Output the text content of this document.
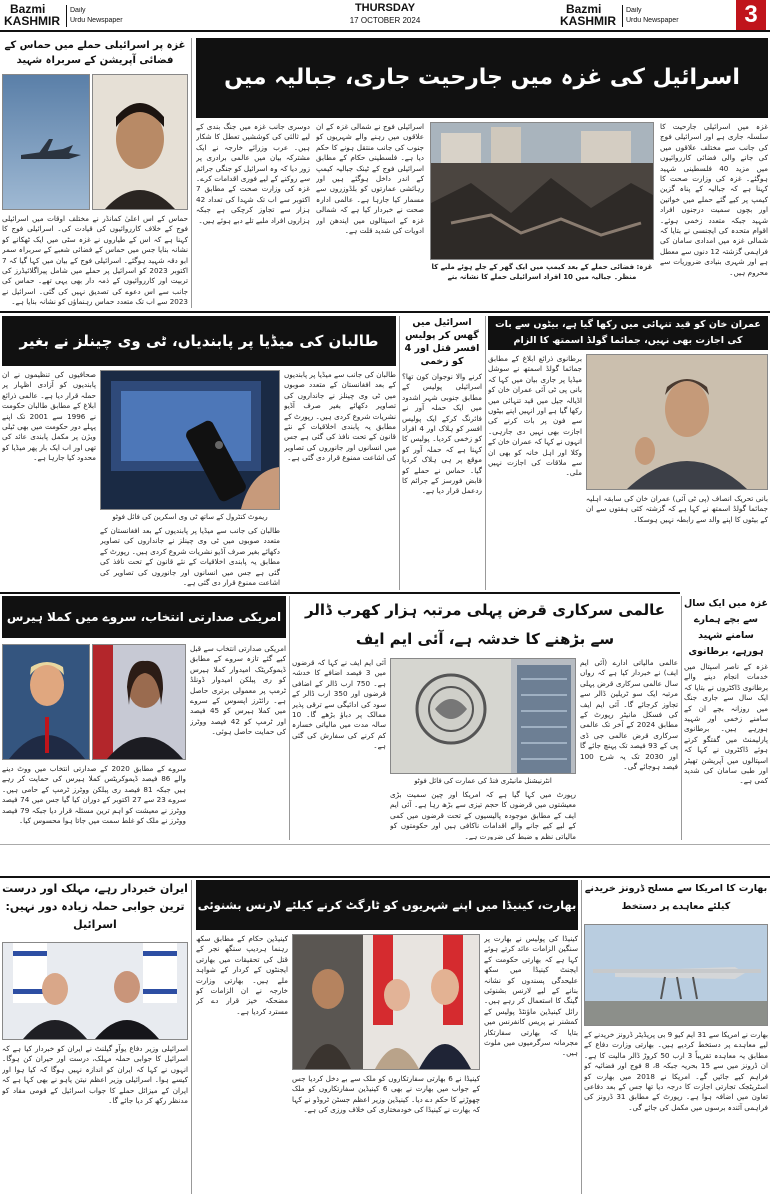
Bazmi
KASHMIR
Daily
Urdu Newspaper
THURSDAY
17 OCTOBER 2024
Bazmi
KASHMIR
Daily
Urdu Newspaper	3
غزہ پر اسرائیلی حملے میں حماس کے فضائی آپریشن کے سربراہ شہید
حماس کے اس اعلیٰ کمانڈر نے مختلف اوقات میں اسرائیلی فوج کے خلاف کارروائیوں کی قیادت کی۔ اسرائیلی فوج کا کہنا ہے کہ اس کے طیاروں نے غزہ سٹی میں ایک ٹھکانے کو نشانہ بنایا جس میں حماس کے فضائی شعبے کے سربراہ سمر ابو دقہ شہید ہوگئے۔ اسرائیلی فوج کے بیان میں کہا گیا کہ 7 اکتوبر 2023 کو اسرائیل پر حملے میں شامل پیراگلائیڈرز کی تربیت اور کارروائیوں کے ذمہ دار بھی یہی تھے۔ حماس کی جانب سے اس دعوے کی تصدیق نہیں کی گئی۔ اسرائیل نے 2023 سے اب تک متعدد حماس رہنماؤں کو نشانہ بنایا ہے۔
اسرائیل کی غزہ میں جارحیت جاری، جبالیہ میں
غزہ میں اسرائیلی جارحیت کا سلسلہ جاری ہے اور اسرائیلی فوج کی جانب سے مختلف علاقوں میں کی جانے والی فضائی کارروائیوں میں مزید 40 فلسطینی شہید ہوگئے۔ غزہ کی وزارت صحت کا کہنا ہے کہ جبالیہ کے پناہ گزین کیمپ پر کیے گئے حملے میں خواتین اور بچوں سمیت درجنوں افراد شہید جبکہ متعدد زخمی ہوئے۔ اقوام متحدہ کی ایجنسی نے بتایا کہ شمالی غزہ میں امدادی سامان کی فراہمی گزشتہ 12 دنوں سے معطل ہے اور شہری بنیادی ضروریات سے محروم ہیں۔
غزہ: فضائی حملے کے بعد کیمپ میں ایک گھر کے جلے ہوئے ملبے کا منظر۔ جبالیہ میں 10 افراد اسرائیلی حملے کا نشانہ بنے
اسرائیلی فوج نے شمالی غزہ کے ان علاقوں میں رہنے والے شہریوں کو جنوب کی جانب منتقل ہونے کا حکم دیا ہے۔ فلسطینی حکام کے مطابق اسرائیلی فوج کے ٹینک جبالیہ کیمپ کے اندر داخل ہوگئے ہیں اور رہائشی عمارتوں کو بلڈوزروں سے مسمار کیا جارہا ہے۔ عالمی ادارہ صحت نے خبردار کیا ہے کہ شمالی غزہ کے اسپتالوں میں ایندھن اور ادویات کی شدید قلت ہے۔
دوسری جانب غزہ میں جنگ بندی کے لیے ثالثی کی کوششیں تعطل کا شکار ہیں۔ عرب وزرائے خارجہ نے ایک مشترکہ بیان میں عالمی برادری پر زور دیا کہ وہ اسرائیل کو جنگی جرائم سے روکنے کے لیے فوری اقدامات کرے۔ غزہ کی وزارت صحت کے مطابق 7 اکتوبر سے اب تک شہدا کی تعداد 42 ہزار سے تجاوز کرچکی ہے جبکہ ہزاروں افراد ملبے تلے دبے ہوئے ہیں۔
طالبان کی میڈیا پر پابندیاں، ٹی وی چینلز نے بغیر
ریموٹ کنٹرول کے ساتھ ٹی وی اسکرین کی فائل فوٹو
طالبان کی جانب سے میڈیا پر پابندیوں کے بعد افغانستان کے متعدد صوبوں میں ٹی وی چینلز نے جانداروں کی تصاویر دکھائے بغیر صرف آڈیو نشریات شروع کردی ہیں۔ رپورٹ کے مطابق یہ پابندی اخلاقیات کے نئے قانون کے تحت نافذ کی گئی ہے جس میں انسانوں اور جانوروں کی تصاویر کی اشاعت ممنوع قرار دی گئی ہے۔
صحافیوں کی تنظیموں نے ان پابندیوں کو آزادی اظہار پر حملہ قرار دیا ہے۔ عالمی ذرائع ابلاغ کے مطابق طالبان حکومت نے 1996 سے 2001 تک اپنے پہلے دور حکومت میں بھی ٹیلی ویژن پر مکمل پابندی عائد کی تھی اور اب ایک بار پھر میڈیا کو محدود کیا جارہا ہے۔
طالبان کی جانب سے میڈیا پر پابندیوں کے بعد افغانستان کے متعدد صوبوں میں ٹی وی چینلز نے جانداروں کی تصاویر دکھائے بغیر صرف آڈیو نشریات شروع کردی ہیں۔ رپورٹ کے مطابق یہ پابندی اخلاقیات کے نئے قانون کے تحت نافذ کی گئی ہے جس میں انسانوں اور جانوروں کی تصاویر کی اشاعت ممنوع قرار دی گئی ہے۔
اسرائیل میں گھس کر پولیس افسر قتل اور 4 کو زخمی
کرنے والا نوجوان کون تھا؟ اسرائیلی پولیس کے مطابق جنوبی شہر اشدود میں ایک حملہ آور نے فائرنگ کرکے ایک پولیس افسر کو ہلاک اور 4 افراد کو زخمی کردیا۔ پولیس کا کہنا ہے کہ حملہ آور کو موقع پر ہی ہلاک کردیا گیا۔ حماس نے حملے کو قابض فورسز کے جرائم کا ردعمل قرار دیا ہے۔
عمران خان کو قید تنہائی میں رکھا گیا ہے، بیٹوں سے بات کی اجازت بھی نہیں، جمائما گولڈ اسمتھ کا الزام
برطانوی ذرائع ابلاغ کے مطابق جمائما گولڈ اسمتھ نے سوشل میڈیا پر جاری بیان میں کہا کہ بانی پی ٹی آئی عمران خان کو اڈیالہ جیل میں قید تنہائی میں رکھا گیا ہے اور انہیں اپنے بیٹوں سے فون پر بات کرنے کی اجازت بھی نہیں دی جارہی۔ انہوں نے کہا کہ عمران خان کے وکلا اور اہل خانہ کو بھی ان سے ملاقات کی اجازت نہیں ملی۔
بانی تحریک انصاف (پی ٹی آئی) عمران خان کی سابقہ اہلیہ جمائما گولڈ اسمتھ نے کہا ہے کہ گزشتہ کئی ہفتوں سے ان کے بیٹوں کا اپنے والد سے رابطہ نہیں ہوسکا۔
امریکی صدارتی انتخاب، سروے میں کملا ہیرس
امریکی صدارتی انتخاب سے قبل کیے گئے تازہ سروے کے مطابق ڈیموکریٹک امیدوار کملا ہیرس کو ری پبلکن امیدوار ڈونلڈ ٹرمپ پر معمولی برتری حاصل ہے۔ رائٹرز اپسوس کے سروے میں کملا ہیرس کو 45 فیصد اور ٹرمپ کو 42 فیصد ووٹرز کی حمایت حاصل ہوئی۔
سروے کے مطابق 2020 کے صدارتی انتخاب میں ووٹ دینے والے 86 فیصد ڈیموکریٹس کملا ہیرس کی حمایت کر رہے ہیں جبکہ 81 فیصد ری پبلکن ووٹرز ٹرمپ کے حامی ہیں۔ سروے 23 سے 27 اکتوبر کے دوران کیا گیا جس میں 74 فیصد ووٹرز نے معیشت کو اہم ترین مسئلہ قرار دیا جبکہ 79 فیصد ووٹرز نے ملک کو غلط سمت میں جاتا ہوا محسوس کیا۔
عالمی سرکاری قرض پہلی مرتبہ ہزار کھرب ڈالر سے بڑھنے کا خدشہ ہے، آئی ایم ایف
عالمی مالیاتی ادارے (آئی ایم ایف) نے خبردار کیا ہے کہ رواں سال عالمی سرکاری قرض پہلی مرتبہ ایک سو ٹریلین ڈالر سے تجاوز کرجائے گا۔ آئی ایم ایف کی فسکل مانیٹر رپورٹ کے مطابق 2024 کے آخر تک عالمی سرکاری قرض عالمی جی ڈی پی کے 93 فیصد تک پہنچ جائے گا اور 2030 تک یہ شرح 100 فیصد ہوجائے گی۔
انٹرنیشنل مانیٹری فنڈ کی عمارت کی فائل فوٹو
رپورٹ میں کہا گیا ہے کہ امریکا اور چین سمیت بڑی معیشتوں میں قرضوں کا حجم تیزی سے بڑھ رہا ہے۔ آئی ایم ایف کے مطابق موجودہ پالیسیوں کے تحت قرضوں میں کمی کے لیے کیے جانے والے اقدامات ناکافی ہیں اور حکومتوں کو مالیاتی نظم و ضبط کی ضرورت ہے۔
آئی ایم ایف نے کہا کہ قرضوں میں 3 فیصد اضافے کا خدشہ ہے۔ 750 ارب ڈالر کے اضافی قرضوں اور 350 ارب ڈالر کے سود کی ادائیگی سے ترقی پذیر ممالک پر دباؤ بڑھے گا۔ 10 سالہ مدت میں مالیاتی خسارہ کم کرنے کی سفارش کی گئی ہے۔
غزہ میں ایک سال سے بچے ہمارے سامنے شہید ہورہے، برطانوی
غزہ کے ناصر اسپتال میں خدمات انجام دینے والے برطانوی ڈاکٹروں نے بتایا کہ ایک سال سے جاری جنگ میں روزانہ بچے ان کے سامنے زخمی اور شہید ہورہے ہیں۔ برطانوی پارلیمنٹ میں گفتگو کرتے ہوئے ڈاکٹروں نے کہا کہ اسپتالوں میں آپریشن تھیٹر اور طبی سامان کی شدید کمی ہے۔
ایران خبردار رہے، مہلک اور درست ترین جوابی حملہ زیادہ دور نہیں: اسرائیل
اسرائیلی وزیر دفاع یوآو گیلنٹ نے ایران کو خبردار کیا ہے کہ اسرائیل کا جوابی حملہ مہلک، درست اور حیران کن ہوگا۔ انہوں نے کہا کہ ایران کو اندازہ نہیں ہوگا کہ کیا ہوا اور کیسے ہوا۔ اسرائیلی وزیر اعظم نیتن یاہو نے بھی کہا ہے کہ ایران کے میزائل حملے کا جواب اسرائیل کے قومی مفاد کو مدنظر رکھ کر دیا جائے گا۔
بھارت، کینیڈا میں اپنے شہریوں کو ٹارگٹ کرنے کیلئے لارنس بشنوئی
کینیڈا کی پولیس نے بھارت پر سنگین الزامات عائد کرتے ہوئے کہا ہے کہ بھارتی حکومت کے ایجنٹ کینیڈا میں سکھ علیحدگی پسندوں کو نشانہ بنانے کے لیے لارنس بشنوئی گینگ کا استعمال کر رہے ہیں۔ رائل کینیڈین ماؤنٹڈ پولیس کے کمشنر نے پریس کانفرنس میں بتایا کہ بھارتی سفارتکار مجرمانہ سرگرمیوں میں ملوث ہیں۔
کینیڈا نے 6 بھارتی سفارتکاروں کو ملک سے بے دخل کردیا جس کے جواب میں بھارت نے بھی 6 کینیڈین سفارتکاروں کو ملک چھوڑنے کا حکم دے دیا۔ کینیڈین وزیر اعظم جسٹن ٹروڈو نے کہا کہ بھارت نے کینیڈا کی خودمختاری کی خلاف ورزی کی ہے۔
کینیڈین حکام کے مطابق سکھ رہنما ہردیپ سنگھ نجر کے قتل کی تحقیقات میں بھارتی ایجنٹوں کے کردار کے شواہد ملے ہیں۔ بھارتی وزارت خارجہ نے ان الزامات کو مضحکہ خیز قرار دے کر مسترد کردیا ہے۔
بھارت کا امریکا سے مسلح ڈرونز خریدنے کیلئے معاہدے پر دستخط
بھارت نے امریکا سے 31 ایم کیو 9 بی پریڈیٹر ڈرونز خریدنے کے لیے معاہدے پر دستخط کردیے ہیں۔ بھارتی وزارت دفاع کے مطابق یہ معاہدہ تقریباً 3 ارب 50 کروڑ ڈالر مالیت کا ہے۔ ان ڈرونز میں سے 15 بحریہ جبکہ 8، 8 فوج اور فضائیہ کو فراہم کیے جائیں گے۔ امریکا نے 2018 میں بھارت کو اسٹریٹجک تجارتی اجازت کا درجہ دیا تھا جس کے بعد دفاعی تعاون میں اضافہ ہوا ہے۔ رپورٹ کے مطابق 31 ڈرونز کی فراہمی آئندہ برسوں میں مکمل کی جائے گی۔
